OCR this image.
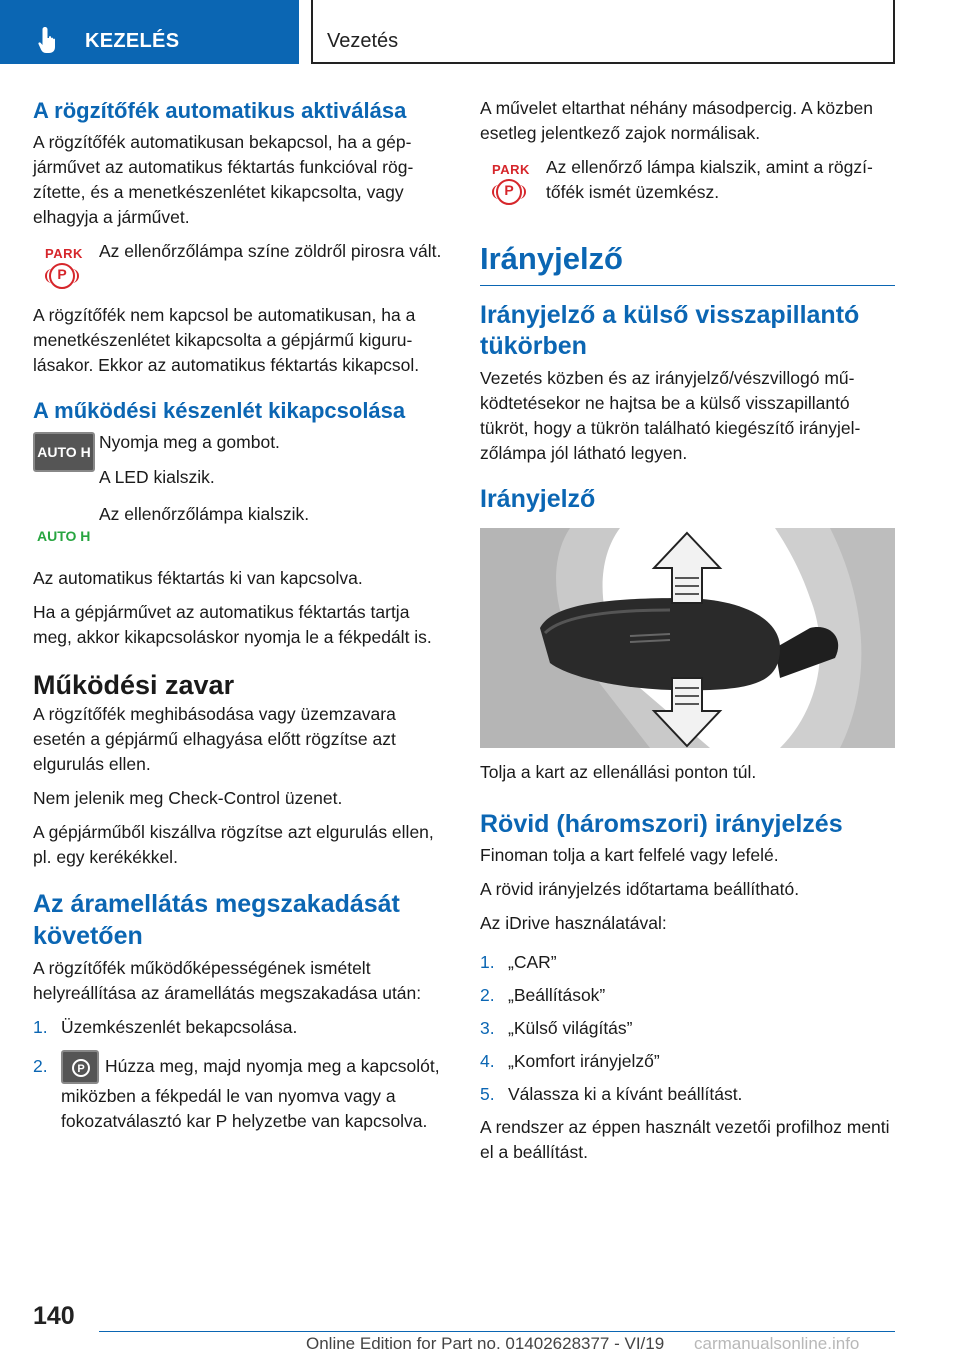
KEZELÉS	Vezetés
A rögzítőfék automatikus aktiválása

A rögzítőfék automatikusan bekapcsol, ha a gépjárművet az automatikus féktartás funkcióval rögzítette, és a menetkészenlétet kikapcsolta, vagy elhagyja a járművet.

PARK
P
Az ellenőrzőlámpa színe zöldről pirosra vált.

A rögzítőfék nem kapcsol be automatikusan, ha a menetkészenlétet kikapcsolta a gépjármű kigurulásakor. Ekkor az automatikus féktartás kikapcsol.

A működési készenlét kikapcsolása
AUTO H Nyomja meg a gombot.
A LED kialszik.
AUTO H
Az ellenőrzőlámpa kialszik.

Az automatikus féktartás ki van kapcsolva.

Ha a gépjárművet az automatikus féktartás tartja meg, akkor kikapcsoláskor nyomja le a fékpedált is.

Működési zavar

A rögzítőfék meghibásodása vagy üzemzavara esetén a gépjármű elhagyása előtt rögzítse azt elgurulás ellen.

Nem jelenik meg Check-Control üzenet.

A gépjárműből kiszállva rögzítse azt elgurulás ellen, pl. egy kerékékkel.

Az áramellátás megszakadását követően

A rögzítőfék működőképességének ismételt helyreállítása az áramellátás megszakadása után:

1. Üzemkészenlét bekapcsolása.
2.	P Húzza meg, majd nyomja meg a kapcsolót, miközben a fékpedál le van nyomva vagy a fokozatválasztó kar P helyzetbe van kapcsolva.

A művelet eltarthat néhány másodpercig. A közben esetleg jelentkező zajok normálisak.

PARK
P
Az ellenőrző lámpa kialszik, amint a rögzítőfék ismét üzemkész.
Irányjelző
Irányjelző a külső visszapillantó tükörben

Vezetés közben és az irányjelző/vészvillogó működtetésekor ne hajtsa be a külső visszapillantó tükröt, hogy a tükrön található kiegészítő irányjelzőlámpa jól látható legyen.

Irányjelző

Tolja a kart az ellenállási ponton túl.

Rövid (háromszori) irányjelzés

Finoman tolja a kart felfelé vagy lefelé.

A rövid irányjelzés időtartama beállítható.

Az iDrive használatával:

1. „CAR”
2. „Beállítások”
3. „Külső világítás”
4. „Komfort irányjelző”
5. Válassza ki a kívánt beállítást.

A rendszer az éppen használt vezetői profilhoz menti el a beállítást.

140
Online Edition for Part no. 01402628377 - VI/19 carmanualsonline.info
